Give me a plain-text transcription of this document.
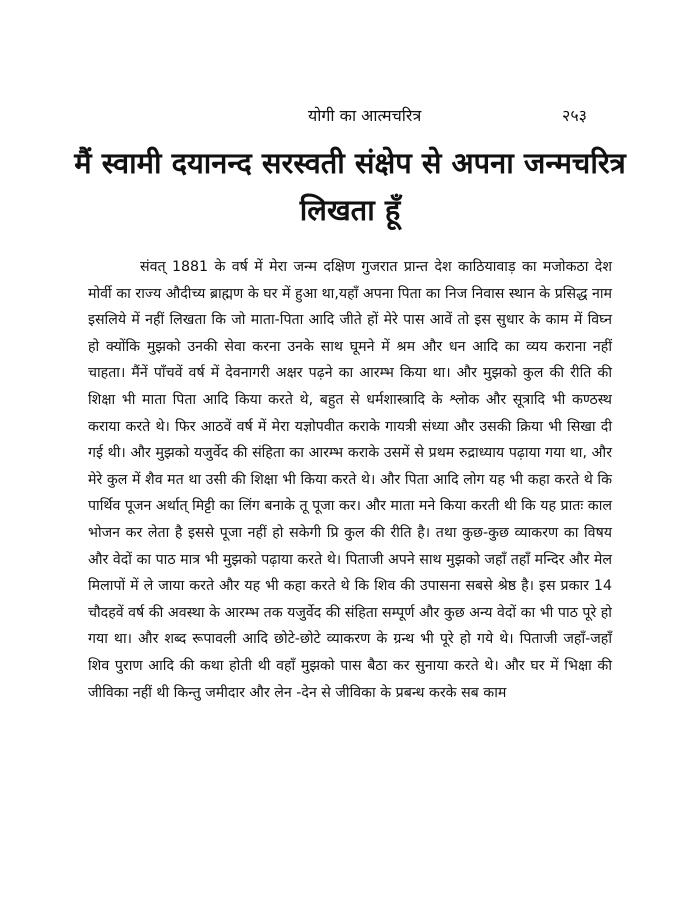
योगी का आत्मचरित्र	२५३
मैं स्वामी दयानन्द सरस्वती संक्षेप से अपना जन्मचरित्र लिखता हूँ

संवत् 1881 के वर्ष में मेरा जन्म दक्षिण गुजरात प्रान्त देश काठियावाड़ का मजोकठा देश मोर्वी का राज्य औदीच्य ब्राह्मण के घर में हुआ था,यहाँ अपना पिता का निज निवास स्थान के प्रसिद्ध नाम इसलिये में नहीं लिखता कि जो माता-पिता आदि जीते हों मेरे पास आवें तो इस सुधार के काम में विघ्न हो क्योंकि मुझको उनकी सेवा करना उनके साथ घूमने में श्रम और धन आदि का व्यय कराना नहीं चाहता। मैंनें पाँचवें वर्ष में देवनागरी अक्षर पढ़ने का आरम्भ किया था। और मुझको कुल की रीति की शिक्षा भी माता पिता आदि किया करते थे, बहुत से धर्मशास्त्रादि के श्लोक और सूत्रादि भी कण्ठस्थ कराया करते थे। फिर आठवें वर्ष में मेरा यज्ञोपवीत कराके गायत्री संध्या और उसकी क्रिया भी सिखा दी गई थी। और मुझको यजुर्वेद की संहिता का आरम्भ कराके उसमें से प्रथम रुद्राध्याय पढ़ाया गया था, और मेरे कुल में शैव मत था उसी की शिक्षा भी किया करते थे। और पिता आदि लोग यह भी कहा करते थे कि पार्थिव पूजन अर्थात् मिट्टी का लिंग बनाके तू पूजा कर। और माता मने किया करती थी कि यह प्रातः काल भोजन कर लेता है इससे पूजा नहीं हो सकेगी प्रि कुल की रीति है। तथा कुछ-कुछ व्याकरण का विषय और वेदों का पाठ मात्र भी मुझको पढ़ाया करते थे। पिताजी अपने साथ मुझको जहाँ तहाँ मन्दिर और मेल मिलापों में ले जाया करते और यह भी कहा करते थे कि शिव की उपासना सबसे श्रेष्ठ है। इस प्रकार 14 चौदहवें वर्ष की अवस्था के आरम्भ तक यजुर्वेद की संहिता सम्पूर्ण और कुछ अन्य वेदों का भी पाठ पूरे हो गया था। और शब्द रूपावली आदि छोटे-छोटे व्याकरण के ग्रन्थ भी पूरे हो गये थे। पिताजी जहाँ-जहाँ शिव पुराण आदि की कथा होती थी वहाँ मुझको पास बैठा कर सुनाया करते थे। और घर में भिक्षा की जीविका नहीं थी किन्तु जमीदार और लेन -देन से जीविका के प्रबन्ध करके सब काम
